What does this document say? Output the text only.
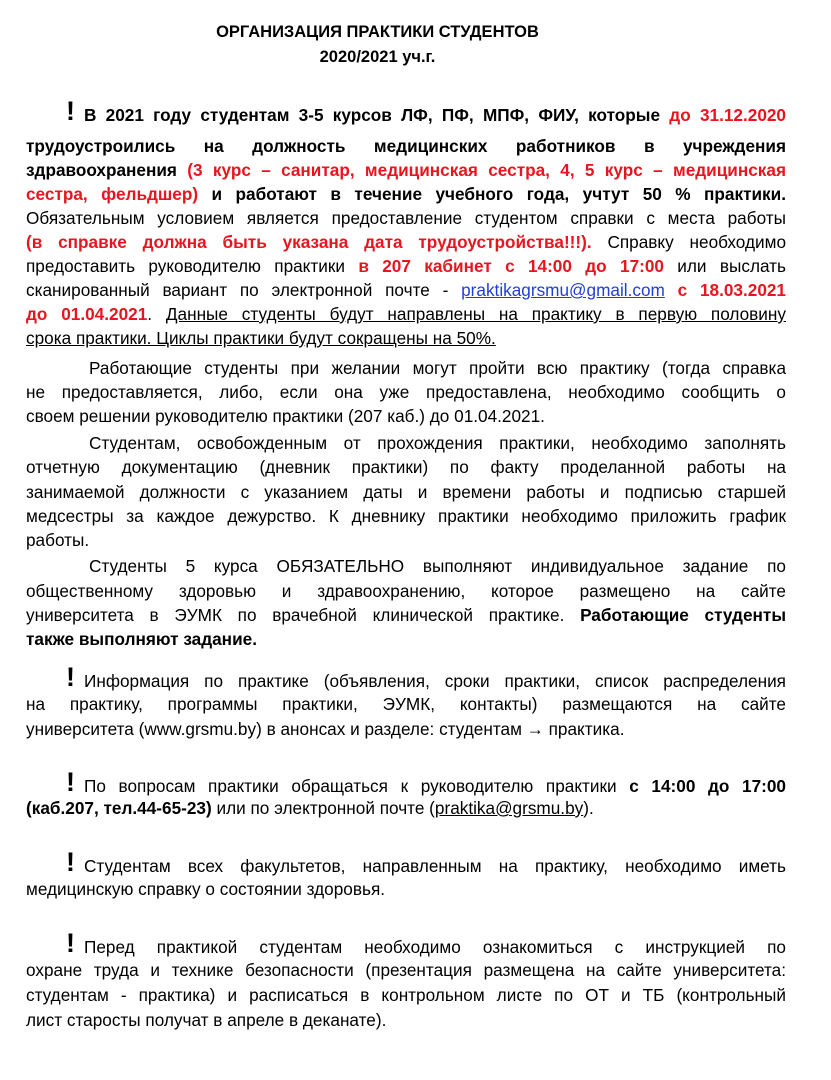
ОРГАНИЗАЦИЯ ПРАКТИКИ СТУДЕНТОВ
2020/2021 уч.г.
! В 2021 году студентам 3-5 курсов ЛФ, ПФ, МПФ, ФИУ, которые до 31.12.2020
трудоустроились на должность медицинских работников в учреждения
здравоохранения (3 курс – санитар, медицинская сестра, 4, 5 курс – медицинская
сестра, фельдшер) и работают в течение учебного года, учтут 50 % практики.
Обязательным условием является предоставление студентом справки с места работы
(в справке должна быть указана дата трудоустройства!!!). Справку необходимо
предоставить руководителю практики в 207 кабинет с 14:00 до 17:00 или выслать
сканированный вариант по электронной почте - praktikagrsmu@gmail.com с 18.03.2021
до 01.04.2021. Данные студенты будут направлены на практику в первую половину
срока практики. Циклы практики будут сокращены на 50%.
Работающие студенты при желании могут пройти всю практику (тогда справка
не предоставляется, либо, если она уже предоставлена, необходимо сообщить о
своем решении руководителю практики (207 каб.) до 01.04.2021.
Студентам, освобожденным от прохождения практики, необходимо заполнять
отчетную документацию (дневник практики) по факту проделанной работы на
занимаемой должности с указанием даты и времени работы и подписью старшей
медсестры за каждое дежурство. К дневнику практики необходимо приложить график
работы.
Студенты 5 курса ОБЯЗАТЕЛЬНО выполняют индивидуальное задание по
общественному здоровью и здравоохранению, которое размещено на сайте
университета в ЭУМК по врачебной клинической практике. Работающие студенты
также выполняют задание.
! Информация по практике (объявления, сроки практики, список распределения
на практику, программы практики, ЭУМК, контакты) размещаются на сайте
университета (www.grsmu.by) в анонсах и разделе: студентам → практика.
! По вопросам практики обращаться к руководителю практики с 14:00 до 17:00
(каб.207, тел.44-65-23) или по электронной почте (praktika@grsmu.by).
! Студентам всех факультетов, направленным на практику, необходимо иметь
медицинскую справку о состоянии здоровья.
! Перед практикой студентам необходимо ознакомиться с инструкцией по
охране труда и технике безопасности (презентация размещена на сайте университета:
студентам - практика) и расписаться в контрольном листе по ОТ и ТБ (контрольный
лист старосты получат в апреле в деканате).
